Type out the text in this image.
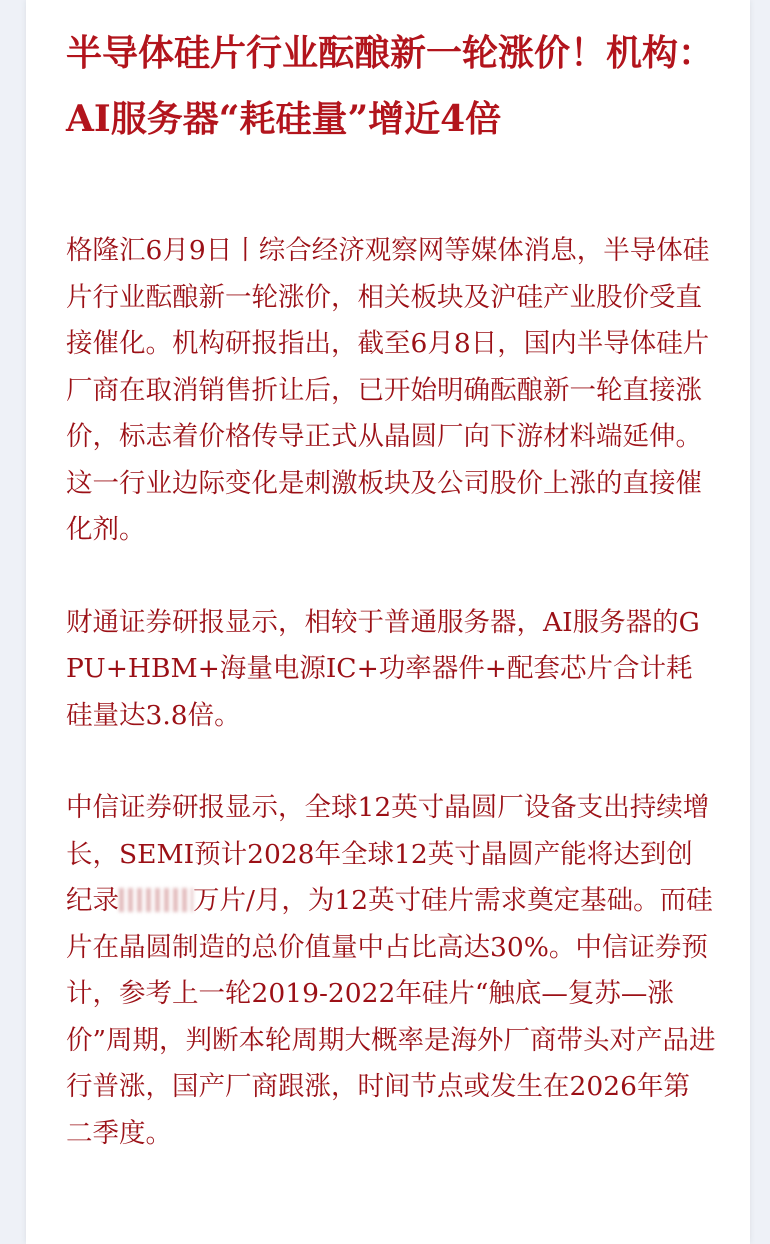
半导体硅片行业酝酿新一轮涨价！机构：AI服务器“耗硅量”增近4倍

格隆汇6月9日丨综合经济观察网等媒体消息，半导体硅片行业酝酿新一轮涨价，相关板块及沪硅产业股价受直接催化。机构研报指出，截至6月8日，国内半导体硅片厂商在取消销售折让后，已开始明确酝酿新一轮直接涨价，标志着价格传导正式从晶圆厂向下游材料端延伸。这一行业边际变化是刺激板块及公司股价上涨的直接催化剂。

财通证券研报显示，相较于普通服务器，AI服务器的GPU+HBM+海量电源IC+功率器件+配套芯片合计耗硅量达3.8倍。

中信证券研报显示，全球12英寸晶圆厂设备支出持续增长，SEMI预计2028年全球12英寸晶圆产能将达到创纪录	万片/月，为12英寸硅片需求奠定基础。而硅片在晶圆制造的总价值量中占比高达30%。中信证券预计，参考上一轮2019-2022年硅片“触底—复苏—涨价”周期，判断本轮周期大概率是海外厂商带头对产品进行普涨，国产厂商跟涨，时间节点或发生在2026年第二季度。
